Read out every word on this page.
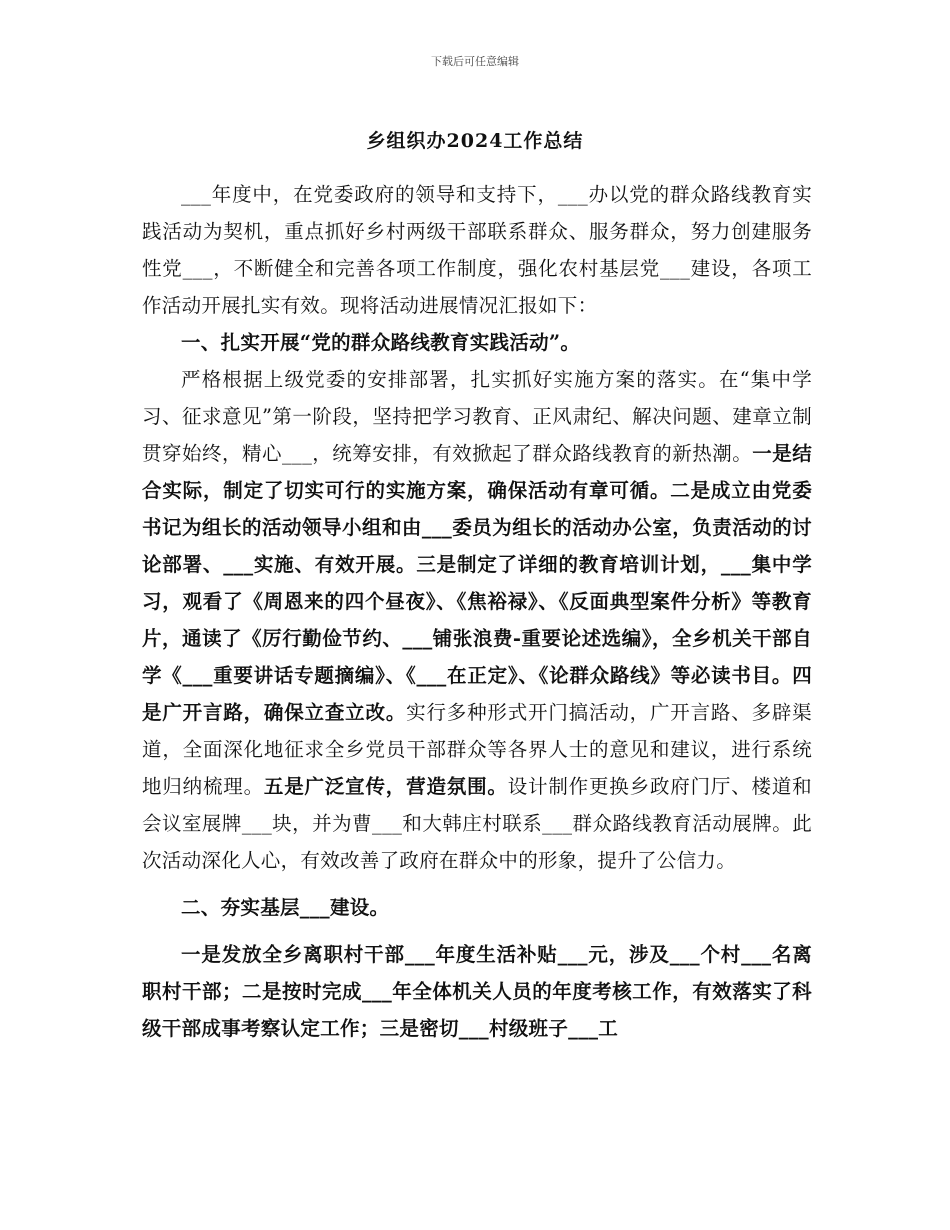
下载后可任意编辑
乡组织办2024工作总结

___年度中，在党委政府的领导和支持下，___办以党的群众路线教育实践活动为契机，重点抓好乡村两级干部联系群众、服务群众，努力创建服务性党___，不断健全和完善各项工作制度，强化农村基层党___建设，各项工作活动开展扎实有效。现将活动进展情况汇报如下：

一、扎实开展“党的群众路线教育实践活动”。

严格根据上级党委的安排部署，扎实抓好实施方案的落实。在“集中学习、征求意见”第一阶段，坚持把学习教育、正风肃纪、解决问题、建章立制贯穿始终，精心___，统筹安排，有效掀起了群众路线教育的新热潮。一是结合实际，制定了切实可行的实施方案，确保活动有章可循。二是成立由党委书记为组长的活动领导小组和由___委员为组长的活动办公室，负责活动的讨论部署、___实施、有效开展。三是制定了详细的教育培训计划，___集中学习，观看了《周恩来的四个昼夜》、《焦裕禄》、《反面典型案件分析》等教育片，通读了《厉行勤俭节约、___铺张浪费-重要论述选编》，全乡机关干部自学《___重要讲话专题摘编》、《___在正定》、《论群众路线》等必读书目。四是广开言路，确保立查立改。实行多种形式开门搞活动，广开言路、多辟渠道，全面深化地征求全乡党员干部群众等各界人士的意见和建议，进行系统地归纳梳理。五是广泛宣传，营造氛围。设计制作更换乡政府门厅、楼道和会议室展牌___块，并为曹___和大韩庄村联系___群众路线教育活动展牌。此次活动深化人心，有效改善了政府在群众中的形象，提升了公信力。

二、夯实基层___建设。

一是发放全乡离职村干部___年度生活补贴___元，涉及___个村___名离职村干部；二是按时完成___年全体机关人员的年度考核工作，有效落实了科级干部成事考察认定工作；三是密切___村级班子___工
